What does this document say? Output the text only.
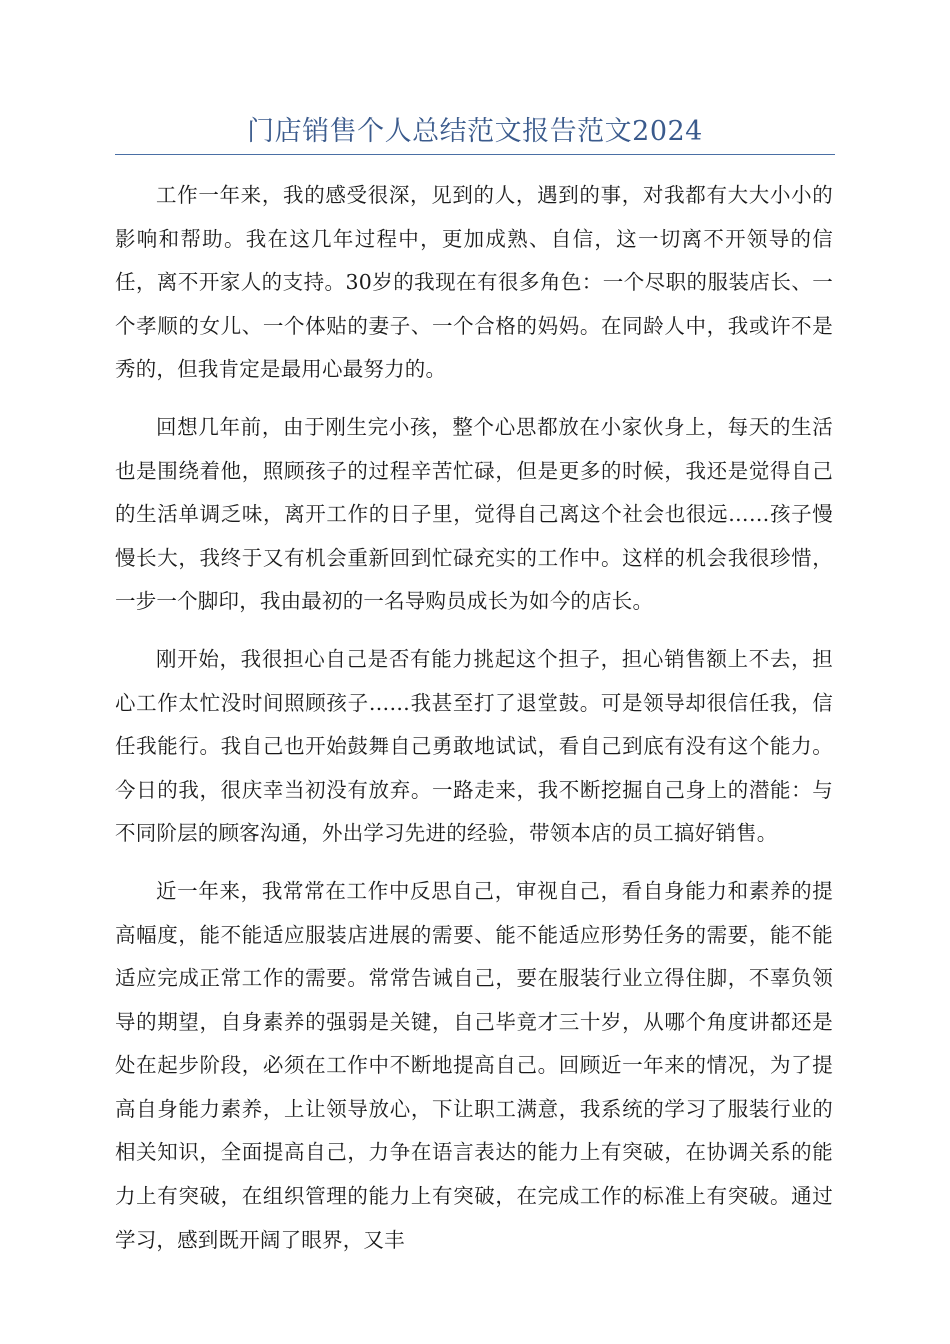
门店销售个人总结范文报告范文2024

工作一年来，我的感受很深，见到的人，遇到的事，对我都有大大小小的影响和帮助。我在这几年过程中，更加成熟、自信，这一切离不开领导的信任，离不开家人的支持。30岁的我现在有很多角色：一个尽职的服装店长、一个孝顺的女儿、一个体贴的妻子、一个合格的妈妈。在同龄人中，我或许不是秀的，但我肯定是最用心最努力的。

回想几年前，由于刚生完小孩，整个心思都放在小家伙身上，每天的生活也是围绕着他，照顾孩子的过程辛苦忙碌，但是更多的时候，我还是觉得自己的生活单调乏味，离开工作的日子里，觉得自己离这个社会也很远……孩子慢慢长大，我终于又有机会重新回到忙碌充实的工作中。这样的机会我很珍惜，一步一个脚印，我由最初的一名导购员成长为如今的店长。

刚开始，我很担心自己是否有能力挑起这个担子，担心销售额上不去，担心工作太忙没时间照顾孩子……我甚至打了退堂鼓。可是领导却很信任我，信任我能行。我自己也开始鼓舞自己勇敢地试试，看自己到底有没有这个能力。今日的我，很庆幸当初没有放弃。一路走来，我不断挖掘自己身上的潜能：与不同阶层的顾客沟通，外出学习先进的经验，带领本店的员工搞好销售。

近一年来，我常常在工作中反思自己，审视自己，看自身能力和素养的提高幅度，能不能适应服装店进展的需要、能不能适应形势任务的需要，能不能适应完成正常工作的需要。常常告诫自己，要在服装行业立得住脚，不辜负领导的期望，自身素养的强弱是关键，自己毕竟才三十岁，从哪个角度讲都还是处在起步阶段，必须在工作中不断地提高自己。回顾近一年来的情况，为了提高自身能力素养，上让领导放心，下让职工满意，我系统的学习了服装行业的相关知识，全面提高自己，力争在语言表达的能力上有突破，在协调关系的能力上有突破，在组织管理的能力上有突破，在完成工作的标准上有突破。通过学习，感到既开阔了眼界，又丰
